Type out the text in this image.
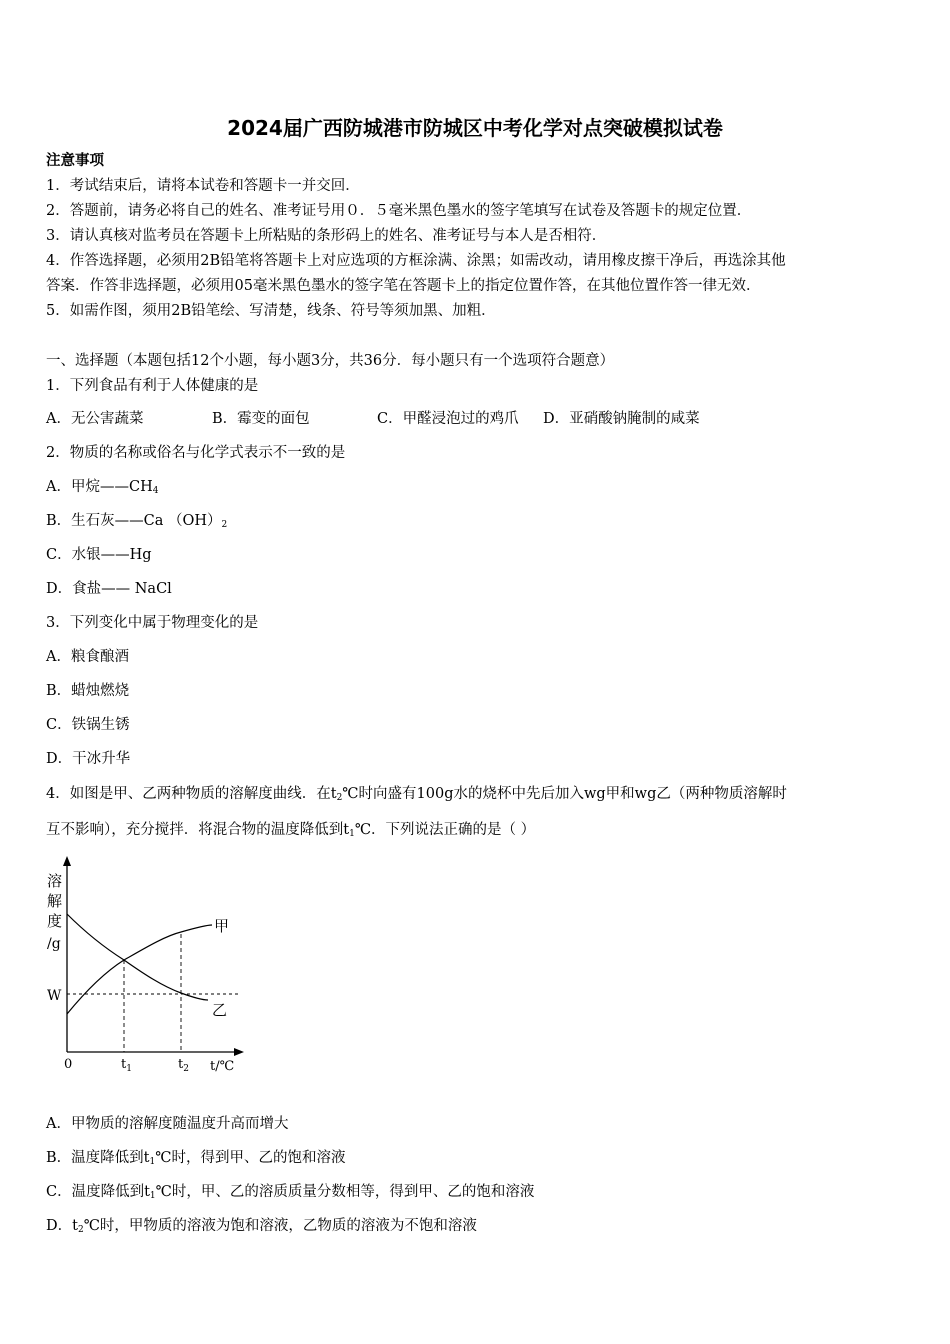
2024届广西防城港市防城区中考化学对点突破模拟试卷
注意事项
1．考试结束后，请将本试卷和答题卡一并交回．
2．答题前，请务必将自己的姓名、准考证号用０．５毫米黑色墨水的签字笔填写在试卷及答题卡的规定位置．
3．请认真核对监考员在答题卡上所粘贴的条形码上的姓名、准考证号与本人是否相符．
4．作答选择题，必须用2B铅笔将答题卡上对应选项的方框涂满、涂黑；如需改动，请用橡皮擦干净后，再选涂其他
答案．作答非选择题，必须用05毫米黑色墨水的签字笔在答题卡上的指定位置作答，在其他位置作答一律无效．
5．如需作图，须用2B铅笔绘、写清楚，线条、符号等须加黑、加粗．
一、选择题（本题包括12个小题，每小题3分，共36分．每小题只有一个选项符合题意）
1．下列食品有利于人体健康的是
A．无公害蔬菜	B．霉变的面包	C．甲醛浸泡过的鸡爪 D．亚硝酸钠腌制的咸菜
2．物质的名称或俗名与化学式表示不一致的是
A．甲烷$——CH_4$
B．生石灰——Ca $(OH)_2$
C．水银——Hg
D．食盐—— NaCl
3．下列变化中属于物理变化的是
A．粮食酿酒
B．蜡烛燃烧
C．铁锅生锈
D．干冰升华
4．如图是甲、乙两种物质的溶解度曲线．在$t_2℃$时向盛有100g水的烧杯中先后加入wg甲和wg乙（两种物质溶解时
互不影响），充分搅拌．将混合物的温度降低到$t_1℃$．下列说法正确的是（ ）
溶
解
度
/g
W
0	$t_1$	$t_2$ t/℃
甲
乙
A．甲物质的溶解度随温度升高而增大
B．温度降低到$t_1℃$时，得到甲、乙的饱和溶液
C．温度降低到$t_1℃$时，甲、乙的溶质质量分数相等，得到甲、乙的饱和溶液
D．$t_2℃$时，甲物质的溶液为饱和溶液，乙物质的溶液为不饱和溶液
